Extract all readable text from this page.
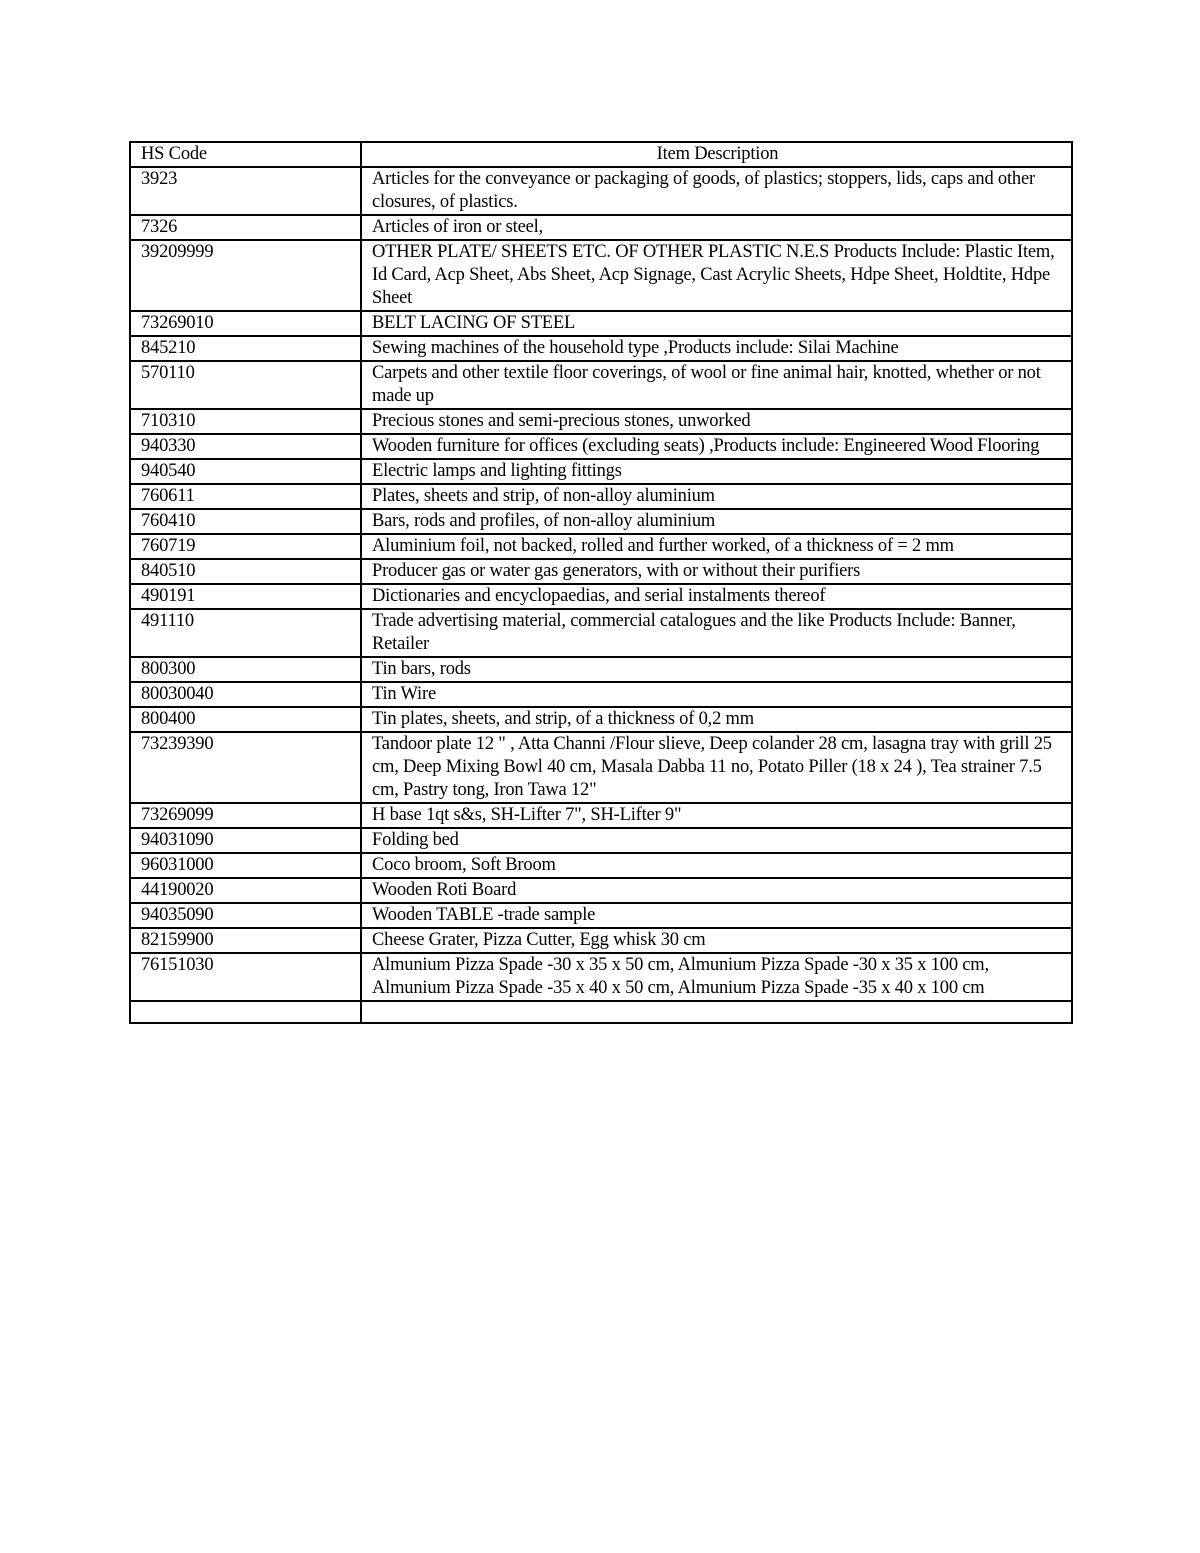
HS Code	Item Description
3923	Articles for the conveyance or packaging of goods, of plastics; stoppers, lids, caps and other closures, of plastics.
7326	Articles of iron or steel,
39209999	OTHER PLATE/ SHEETS ETC. OF OTHER PLASTIC N.E.S Products Include: Plastic Item, Id Card, Acp Sheet, Abs Sheet, Acp Signage, Cast Acrylic Sheets, Hdpe Sheet, Holdtite, Hdpe Sheet
73269010	BELT LACING OF STEEL
845210	Sewing machines of the household type ,Products include: Silai Machine
570110	Carpets and other textile floor coverings, of wool or fine animal hair, knotted, whether or not made up
710310	Precious stones and semi-precious stones, unworked
940330	Wooden furniture for offices (excluding seats) ,Products include: Engineered Wood Flooring
940540	Electric lamps and lighting fittings
760611	Plates, sheets and strip, of non-alloy aluminium
760410	Bars, rods and profiles, of non-alloy aluminium
760719	Aluminium foil, not backed, rolled and further worked, of a thickness of = 2 mm
840510	Producer gas or water gas generators, with or without their purifiers
490191	Dictionaries and encyclopaedias, and serial instalments thereof
491110	Trade advertising material, commercial catalogues and the like Products Include: Banner, Retailer
800300	Tin bars, rods
80030040	Tin Wire
800400	Tin plates, sheets, and strip, of a thickness of 0,2 mm
73239390	Tandoor plate 12 " , Atta Channi /Flour slieve, Deep colander 28 cm, lasagna tray with grill 25 cm, Deep Mixing Bowl 40 cm, Masala Dabba 11 no, Potato Piller (18 x 24 ), Tea strainer 7.5 cm, Pastry tong, Iron Tawa 12"
73269099	H base 1qt s&s, SH-Lifter 7", SH-Lifter 9"
94031090	Folding bed
96031000	Coco broom, Soft Broom
44190020	Wooden Roti Board
94035090	Wooden TABLE -trade sample
82159900	Cheese Grater, Pizza Cutter, Egg whisk 30 cm
76151030	Almunium Pizza Spade -30 x 35 x 50 cm, Almunium Pizza Spade -30 x 35 x 100 cm, Almunium Pizza Spade -35 x 40 x 50 cm, Almunium Pizza Spade -35 x 40 x 100 cm
